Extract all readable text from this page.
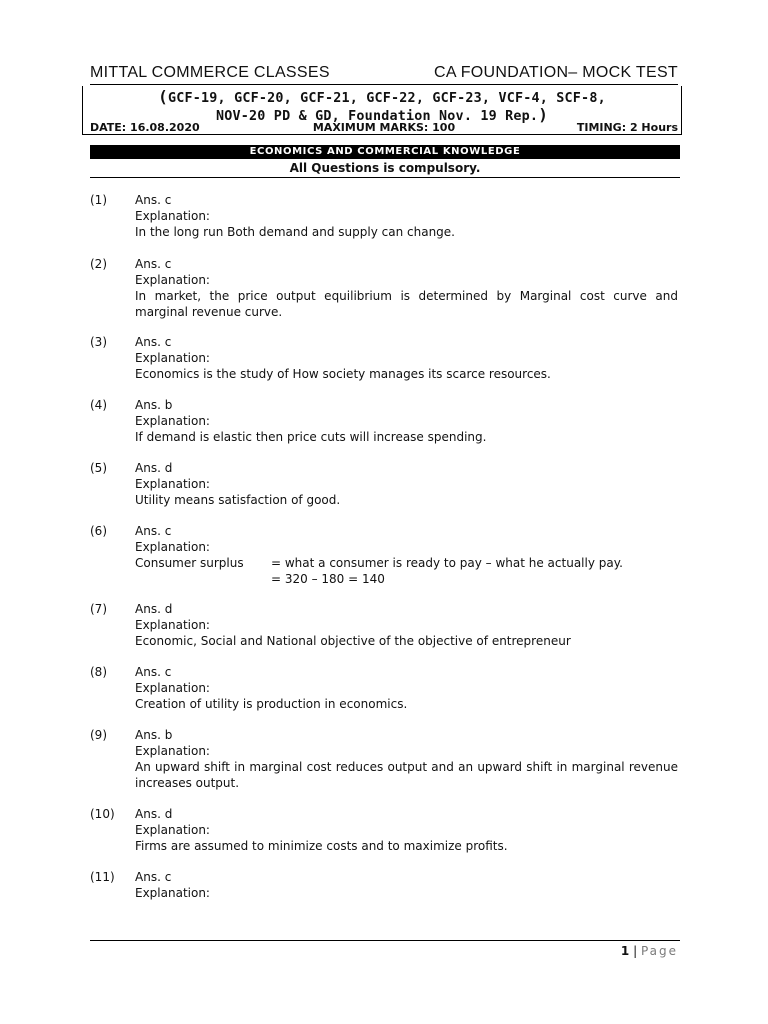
MITTAL COMMERCE CLASSES	CA FOUNDATION– MOCK TEST
(GCF-19, GCF-20, GCF-21, GCF-22, GCF-23, VCF-4, SCF-8,
NOV-20 PD & GD, Foundation Nov. 19 Rep.)
DATE: 16.08.2020	MAXIMUM MARKS: 100	TIMING: 2 Hours
ECONOMICS AND COMMERCIAL KNOWLEDGE
All Questions is compulsory.
(1)	Ans. c
Explanation:
In the long run Both demand and supply can change.
(2)	Ans. c
Explanation:
In market, the price output equilibrium is determined by Marginal cost curve and marginal revenue curve.
(3)	Ans. c
Explanation:
Economics is the study of How society manages its scarce resources.
(4)	Ans. b
Explanation:
If demand is elastic then price cuts will increase spending.
(5)	Ans. d
Explanation:
Utility means satisfaction of good.
(6)	Ans. c
Explanation:
Consumer surplus	= what a consumer is ready to pay – what he actually pay.
= 320 – 180 = 140
(7)	Ans. d
Explanation:
Economic, Social and National objective of the objective of entrepreneur
(8)	Ans. c
Explanation:
Creation of utility is production in economics.
(9)	Ans. b
Explanation:
An upward shift in marginal cost reduces output and an upward shift in marginal revenue increases output.
(10)	Ans. d
Explanation:
Firms are assumed to minimize costs and to maximize profits.
(11)	Ans. c
Explanation:
1 | Page
